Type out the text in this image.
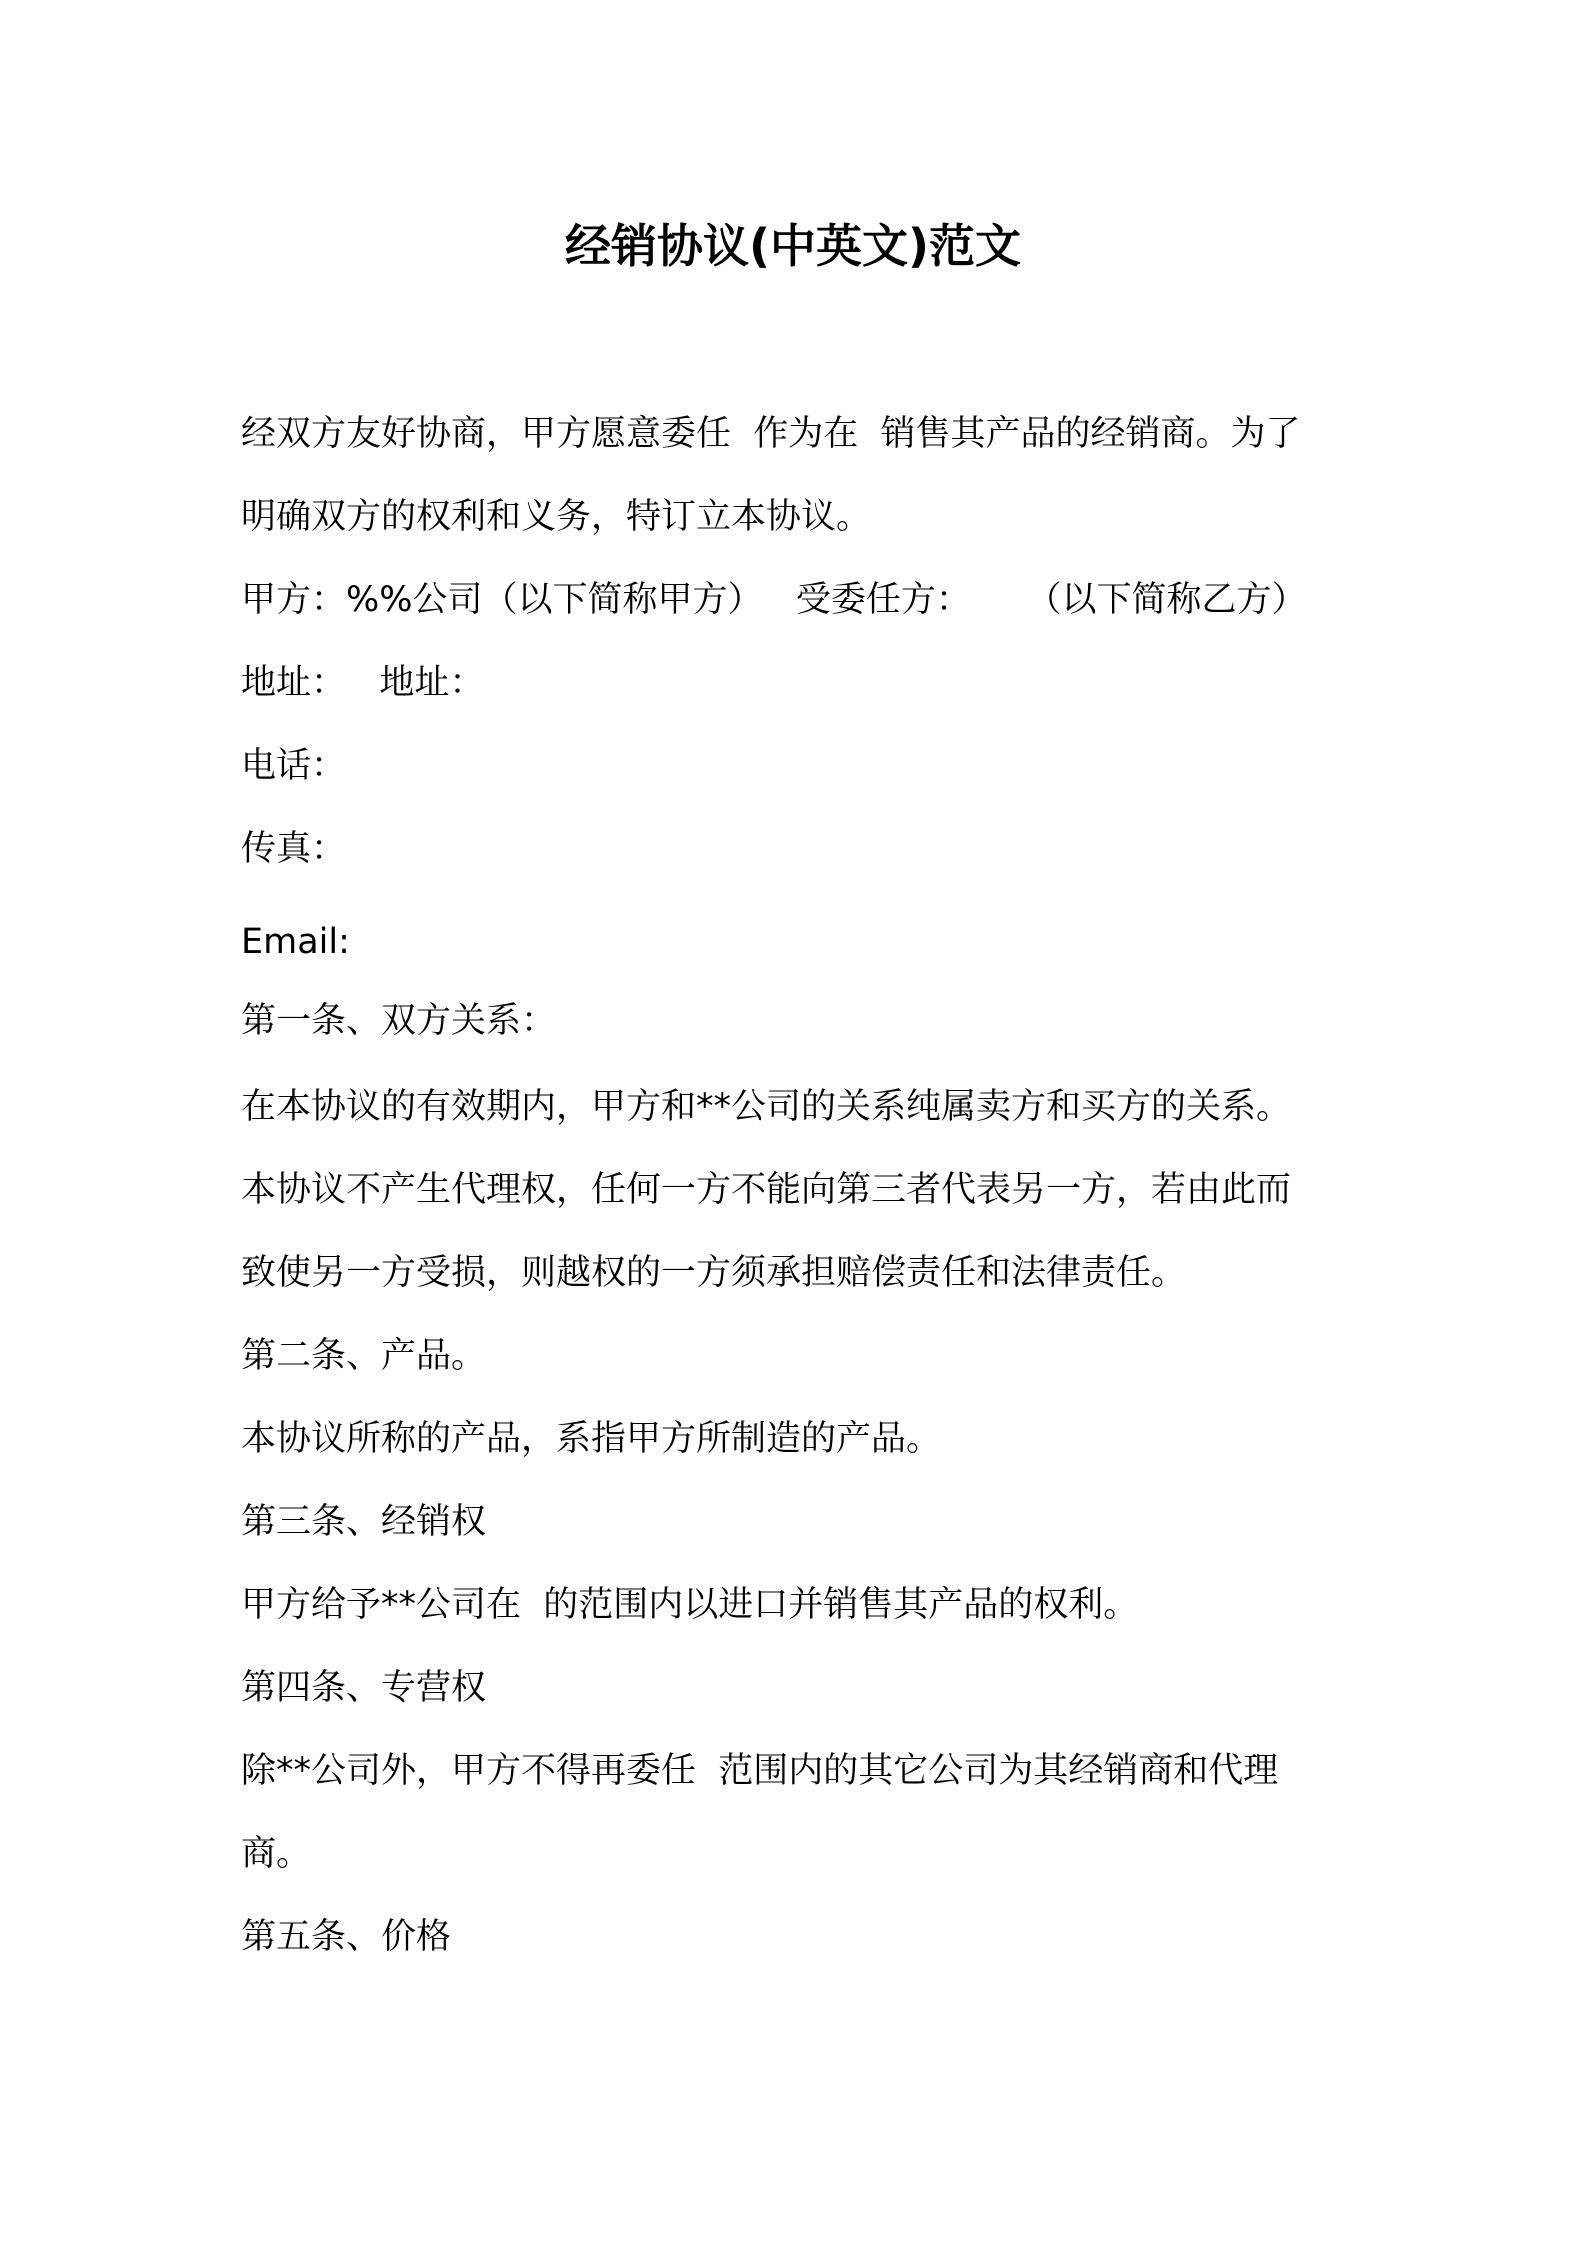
经销协议(中英文)范文

经双方友好协商，甲方愿意委任  作为在  销售其产品的经销商。为了

明确双方的权利和义务，特订立本协议。

甲方：%%公司（以下简称甲方）   受委任方：     （以下简称乙方）

地址：   地址：

电话：

传真：

Email:

第一条、双方关系：

在本协议的有效期内，甲方和**公司的关系纯属卖方和买方的关系。

本协议不产生代理权，任何一方不能向第三者代表另一方，若由此而

致使另一方受损，则越权的一方须承担赔偿责任和法律责任。

第二条、产品。

本协议所称的产品，系指甲方所制造的产品。

第三条、经销权

甲方给予**公司在  的范围内以进口并销售其产品的权利。

第四条、专营权

除**公司外，甲方不得再委任  范围内的其它公司为其经销商和代理

商。

第五条、价格
